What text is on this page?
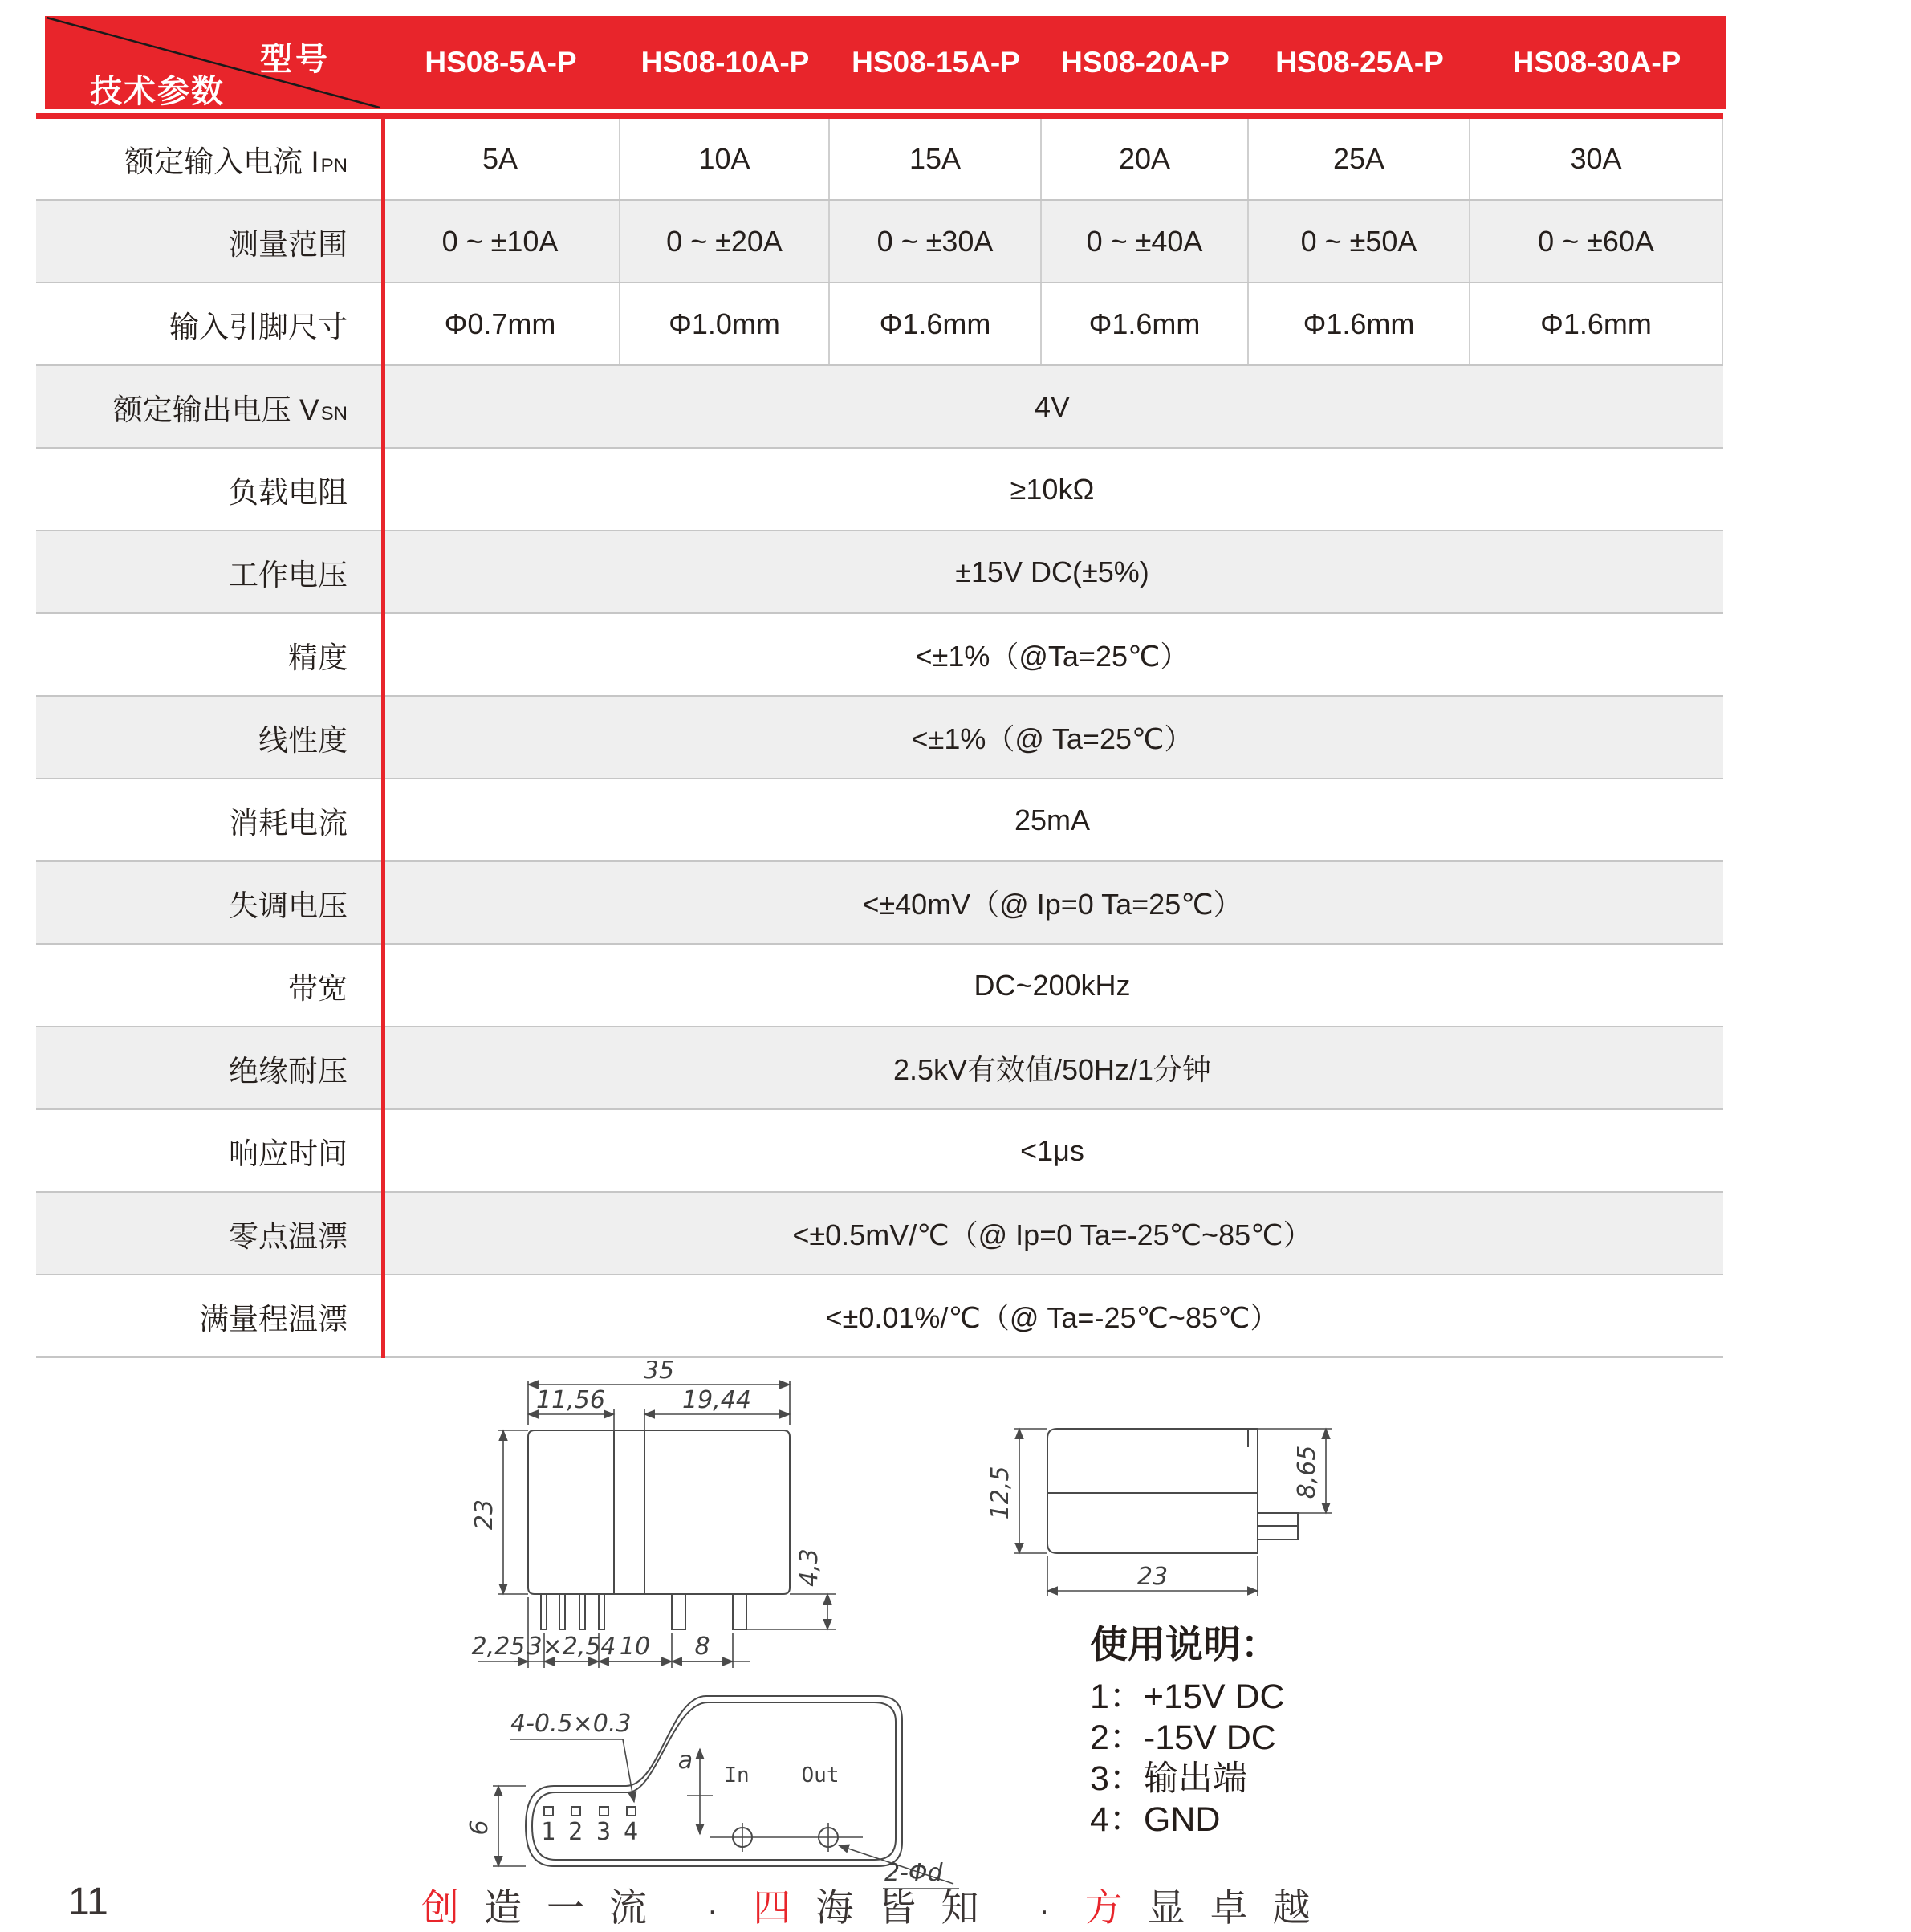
型号
技术参数
HS08-5A-P	HS08-10A-P	HS08-15A-P	HS08-20A-P	HS08-25A-P	HS08-30A-P
额定输入电流 $I_{PN}$	5A	10A	15A	20A	25A	30A
测量范围	0 ~ ±10A	0 ~ ±20A	0 ~ ±30A	0 ~ ±40A	0 ~ ±50A	0 ~ ±60A
输入引脚尺寸	Φ0.7mm	Φ1.0mm	Φ1.6mm	Φ1.6mm	Φ1.6mm	Φ1.6mm
额定输出电压 $V_{SN}$	4V
负载电阻	≥10kΩ
工作电压	±15V DC(±5%)
精度	<±1%（@Ta=25℃）
线性度	<±1%（@ Ta=25℃）
消耗电流	25mA
失调电压	<±40mV（@ Ip=0 Ta=25℃）
带宽	DC~200kHz
绝缘耐压	2.5kV有效值/50Hz/1分钟
响应时间	<1μs
零点温漂	<±0.5mV/℃（@ Ip=0 Ta=-25℃~85℃）
满量程温漂	<±0.01%/℃（@ Ta=-25℃~85℃）
35
11,56	19,44
23
4,3
2,25 3×2,54 10 8
12,5	8,65
23
1 2 3 4
In Out
4-0.5×0.3
a
6
2-Φd
使用说明：
1：+15V DC
2：-15V DC
3：输出端
4：GND
11	创造一流 · 四海皆知 · 方显卓越
